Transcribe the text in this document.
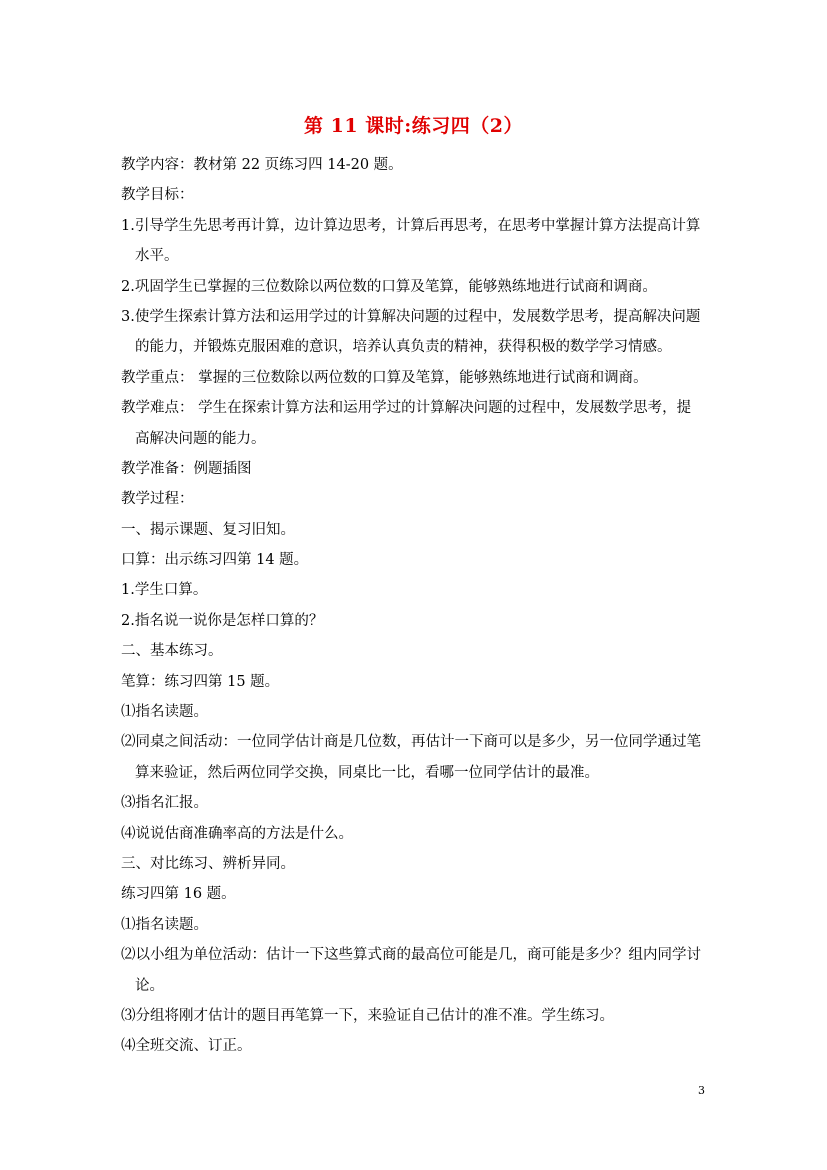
第 11 课时:练习四（2）
教学内容：教材第 22 页练习四 14-20 题。
教学目标：
1.引导学生先思考再计算，边计算边思考，计算后再思考，在思考中掌握计算方法提高计算
水平。
2.巩固学生已掌握的三位数除以两位数的口算及笔算，能够熟练地进行试商和调商。
3.使学生探索计算方法和运用学过的计算解决问题的过程中，发展数学思考，提高解决问题
的能力，并锻炼克服困难的意识，培养认真负责的精神，获得积极的数学学习情感。
教学重点： 掌握的三位数除以两位数的口算及笔算，能够熟练地进行试商和调商。
教学难点： 学生在探索计算方法和运用学过的计算解决问题的过程中，发展数学思考，提
高解决问题的能力。
教学准备：例题插图
教学过程：
一、揭示课题、复习旧知。
口算：出示练习四第 14 题。
1.学生口算。
2.指名说一说你是怎样口算的？
二、基本练习。
笔算：练习四第 15 题。
⑴指名读题。
⑵同桌之间活动：一位同学估计商是几位数，再估计一下商可以是多少，另一位同学通过笔
算来验证，然后两位同学交换，同桌比一比，看哪一位同学估计的最准。
⑶指名汇报。
⑷说说估商准确率高的方法是什么。
三、对比练习、辨析异同。
练习四第 16 题。
⑴指名读题。
⑵以小组为单位活动：估计一下这些算式商的最高位可能是几，商可能是多少？组内同学讨
论。
⑶分组将刚才估计的题目再笔算一下，来验证自己估计的准不准。学生练习。
⑷全班交流、订正。
3
